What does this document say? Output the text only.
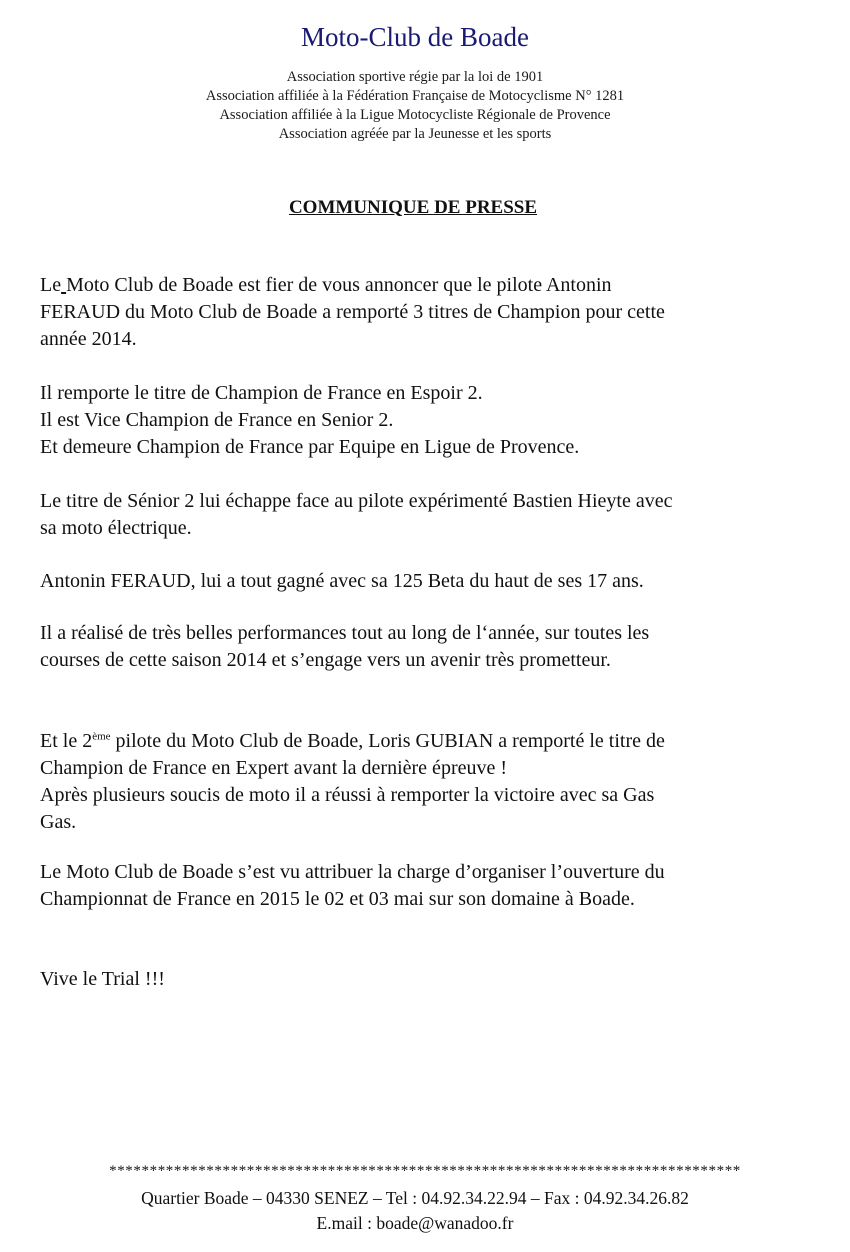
Moto-Club de Boade
Association sportive régie par la loi de 1901
Association affiliée à la Fédération Française de Motocyclisme N° 1281
Association affiliée à la Ligue Motocycliste Régionale de Provence
Association agréée par la Jeunesse et les sports
COMMUNIQUE DE PRESSE

Le Moto Club de Boade est fier de vous annoncer que le pilote Antonin

FERAUD du Moto Club de Boade a remporté 3 titres de Champion pour cette

année 2014.

Il remporte le titre de Champion de France en Espoir 2.

Il est Vice Champion de France en Senior 2.

Et demeure Champion de France par Equipe en Ligue de Provence.

Le titre de Sénior 2 lui échappe face au pilote expérimenté Bastien Hieyte avec

sa moto électrique.

Antonin FERAUD, lui a tout gagné avec sa 125 Beta du haut de ses 17 ans.

Il a réalisé de très belles performances tout au long de l‘année, sur toutes les

courses de cette saison 2014 et s’engage vers un avenir très prometteur.

Et le 2ème pilote du Moto Club de Boade, Loris GUBIAN a remporté le titre de

Champion de France en Expert avant la dernière épreuve !

Après plusieurs soucis de moto il a réussi à remporter la victoire avec sa Gas

Gas.

Le Moto Club de Boade s’est vu attribuer la charge d’organiser l’ouverture du

Championnat de France en 2015 le 02 et 03 mai sur son domaine à Boade.

Vive le Trial !!!

******************************************************************************
Quartier Boade – 04330 SENEZ – Tel : 04.92.34.22.94 – Fax : 04.92.34.26.82
E.mail : boade@wanadoo.fr
